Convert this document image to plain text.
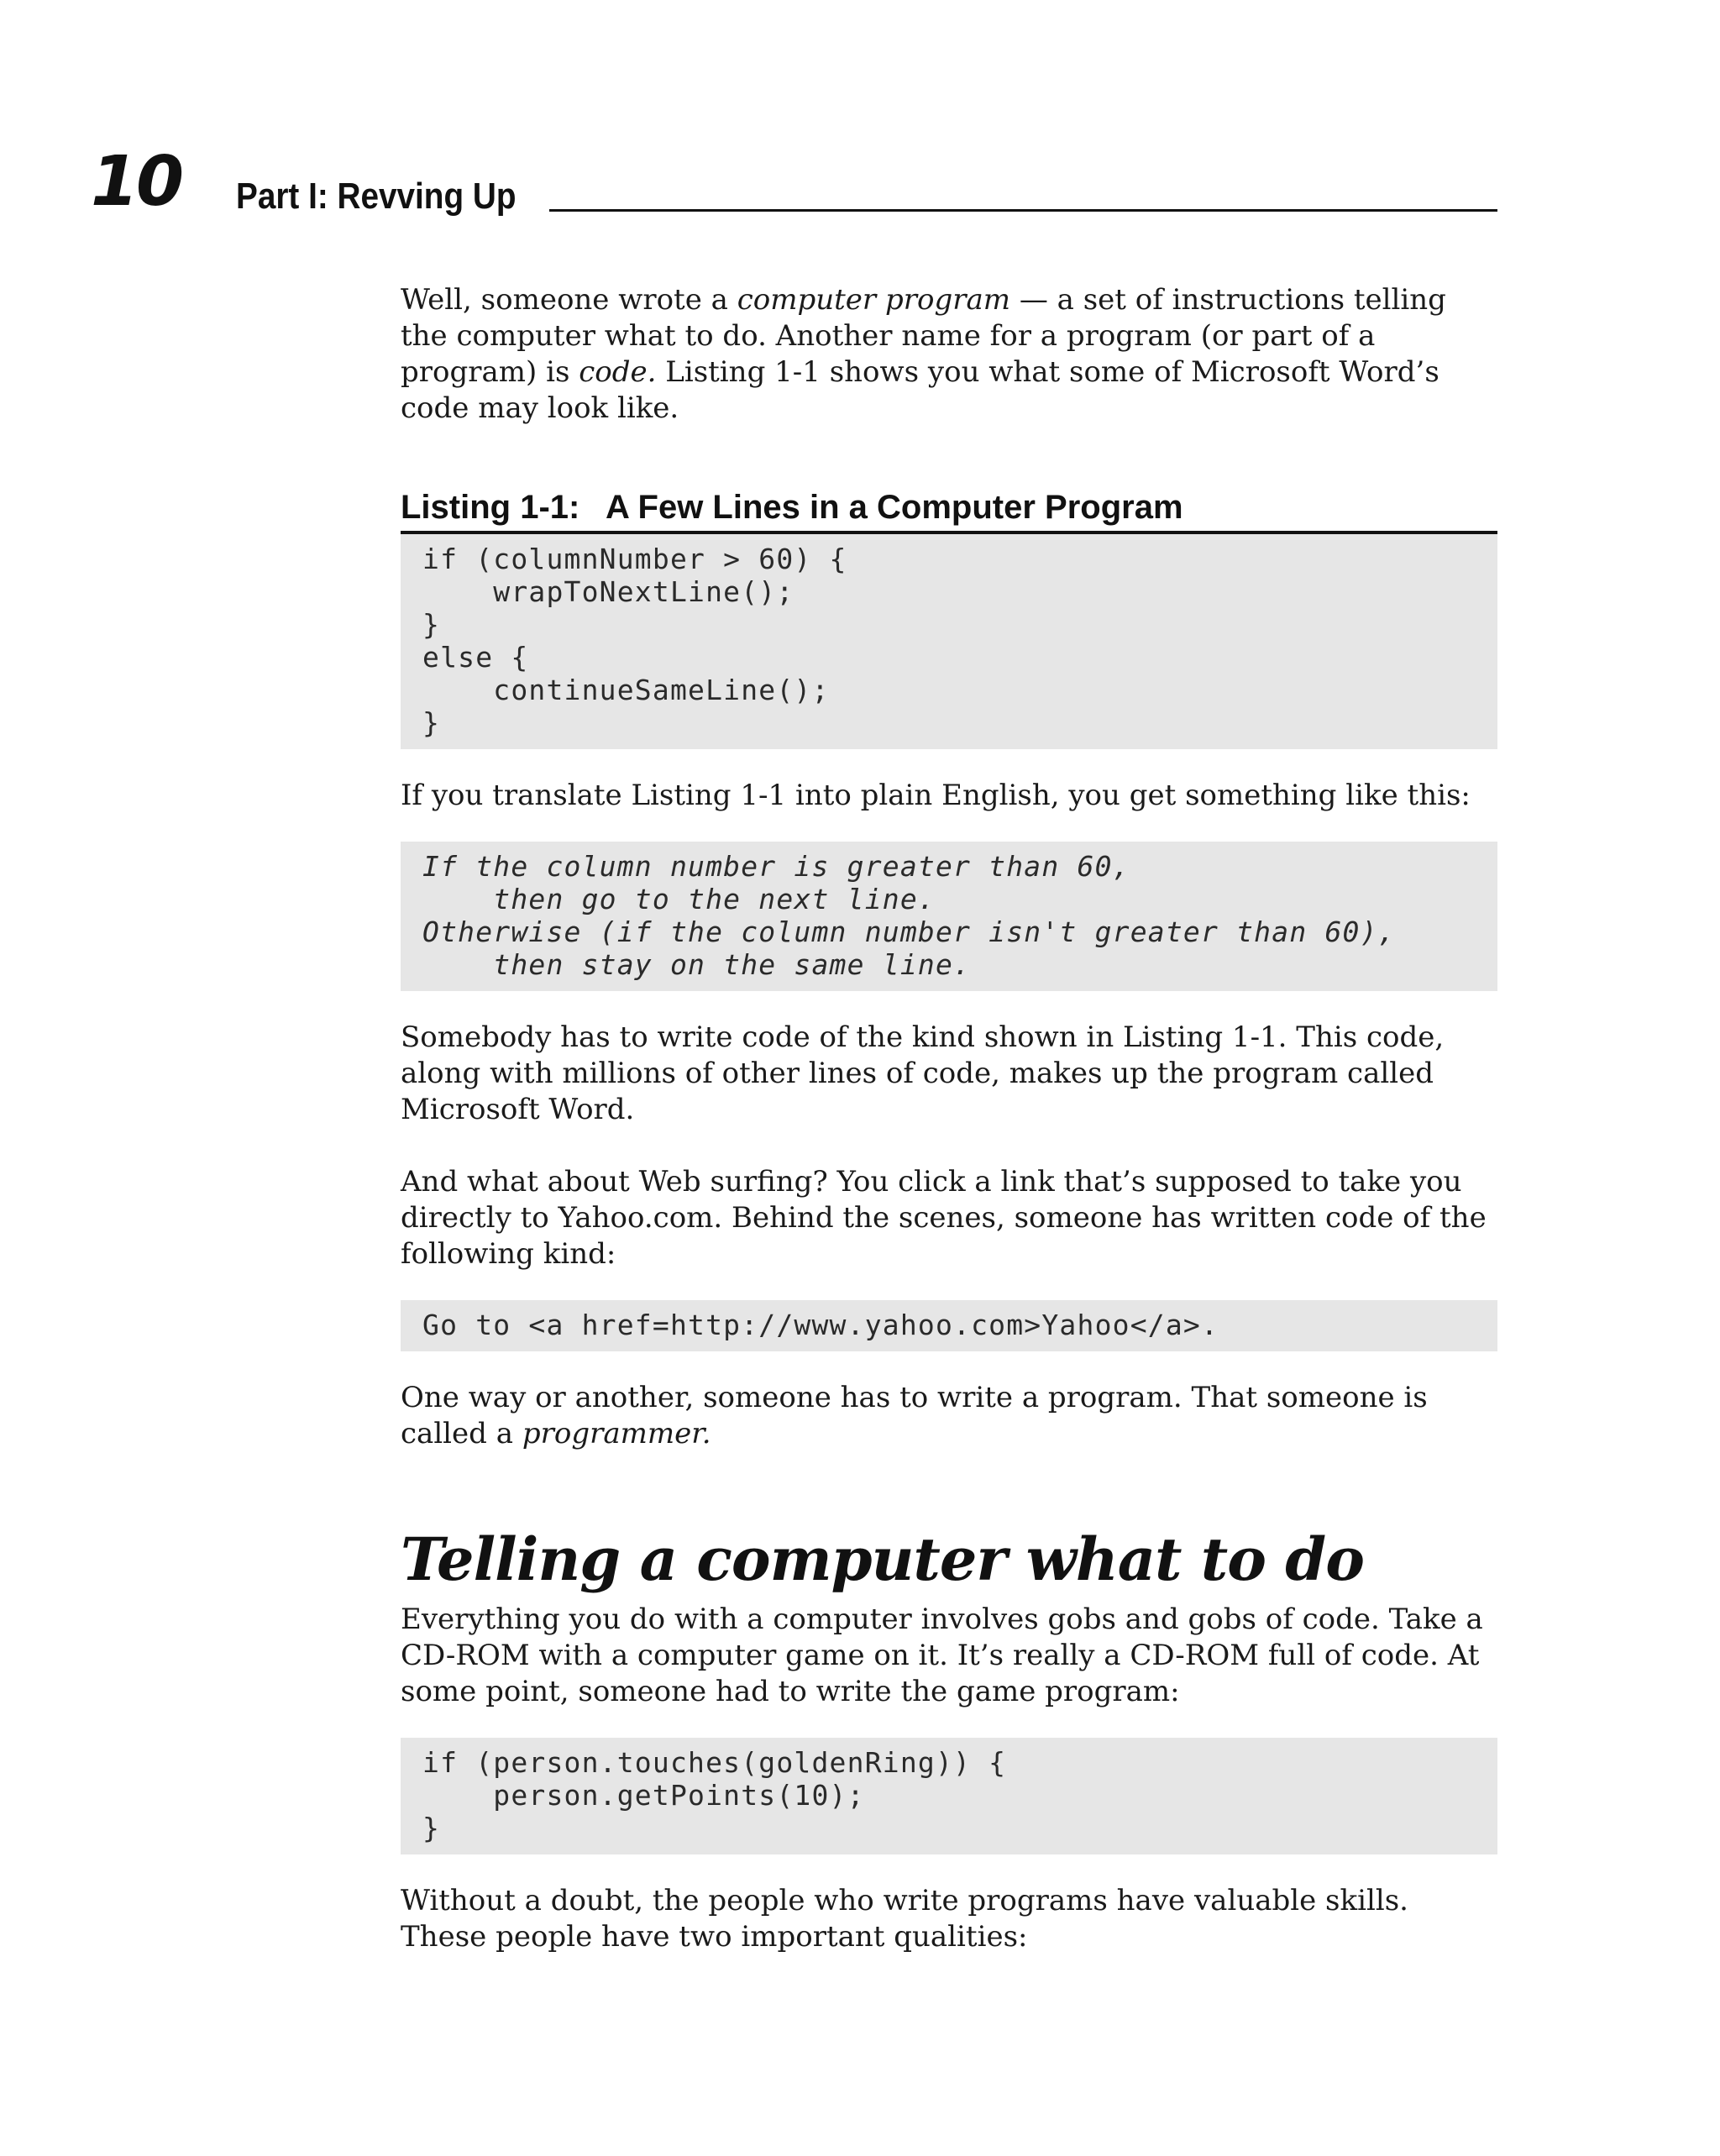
10 Part I: Revving Up

Well, someone wrote a computer program — a set of instructions telling the computer what to do. Another name for a program (or part of a program) is code. Listing 1-1 shows you what some of Microsoft Word’s code may look like.

Listing 1-1: A Few Lines in a Computer Program
if (columnNumber > 60) {
wrapToNextLine();
}
else {
continueSameLine();
}

If you translate Listing 1-1 into plain English, you get something like this:

If the column number is greater than 60,
then go to the next line.
Otherwise (if the column number isn't greater than 60),
then stay on the same line.

Somebody has to write code of the kind shown in Listing 1-1. This code, along with millions of other lines of code, makes up the program called Microsoft Word.

And what about Web surfing? You click a link that’s supposed to take you directly to Yahoo.com. Behind the scenes, someone has written code of the following kind:

Go to <a href=http://www.yahoo.com>Yahoo</a>.

One way or another, someone has to write a program. That someone is called a programmer.

Telling a computer what to do

Everything you do with a computer involves gobs and gobs of code. Take a CD-ROM with a computer game on it. It’s really a CD-ROM full of code. At some point, someone had to write the game program:

if (person.touches(goldenRing)) {
person.getPoints(10);
}

Without a doubt, the people who write programs have valuable skills. These people have two important qualities:
